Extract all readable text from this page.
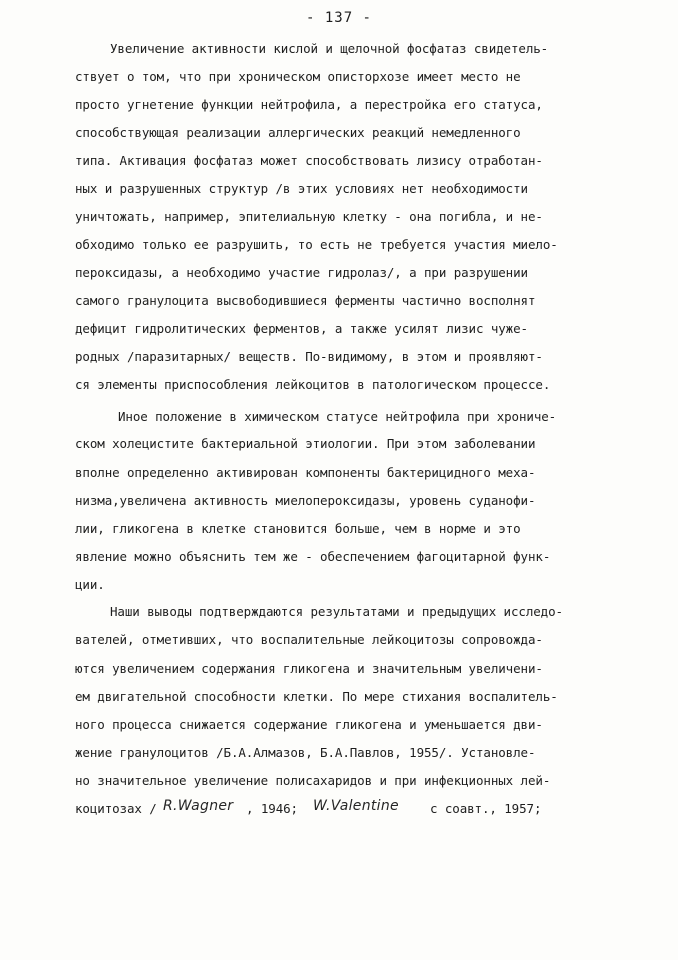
- 137 -
Увеличение активности кислой и щелочной фосфатаз свидетель-
ствует о том, что при хроническом описторхозе имеет место не
просто угнетение функции нейтрофила, а перестройка его статуса,
способствующая реализации аллергических реакций немедленного
типа. Активация фосфатаз может способствовать лизису отработан-
ных и разрушенных структур /в этих условиях нет необходимости
уничтожать, например, эпителиальную клетку - она погибла, и не-
обходимо только ее разрушить, то есть не требуется участия миело-
пероксидазы, а необходимо участие гидролаз/, а при разрушении
самого гранулоцита высвободившиеся ферменты частично восполнят
дефицит гидролитических ферментов, а также усилят лизис чуже-
родных /паразитарных/ веществ. По-видимому, в этом и проявляют-
ся элементы приспособления лейкоцитов в патологическом процессе.
Иное положение в химическом статусе нейтрофила при хрониче-
ском холецистите бактериальной этиологии. При этом заболевании
вполне определенно активирован компоненты бактерицидного меха-
низма,увеличена активность миелопероксидазы, уровень суданофи-
лии, гликогена в клетке становится больше, чем в норме и это
явление можно объяснить тем же - обеспечением фагоцитарной функ-
ции.
Наши выводы подтверждаются результатами и предыдущих исследо-
вателей, отметивших, что воспалительные лейкоцитозы сопровожда-
ются увеличением содержания гликогена и значительным увеличени-
ем двигательной способности клетки. По мере стихания воспалитель-
ного процесса снижается содержание гликогена и уменьшается дви-
жение гранулоцитов /Б.А.Алмазов, Б.А.Павлов, 1955/. Установле-
но значительное увеличение полисахаридов и при инфекционных лей-
коцитозах / R.Wagner , 1946; W.Valentine с соавт., 1957;
